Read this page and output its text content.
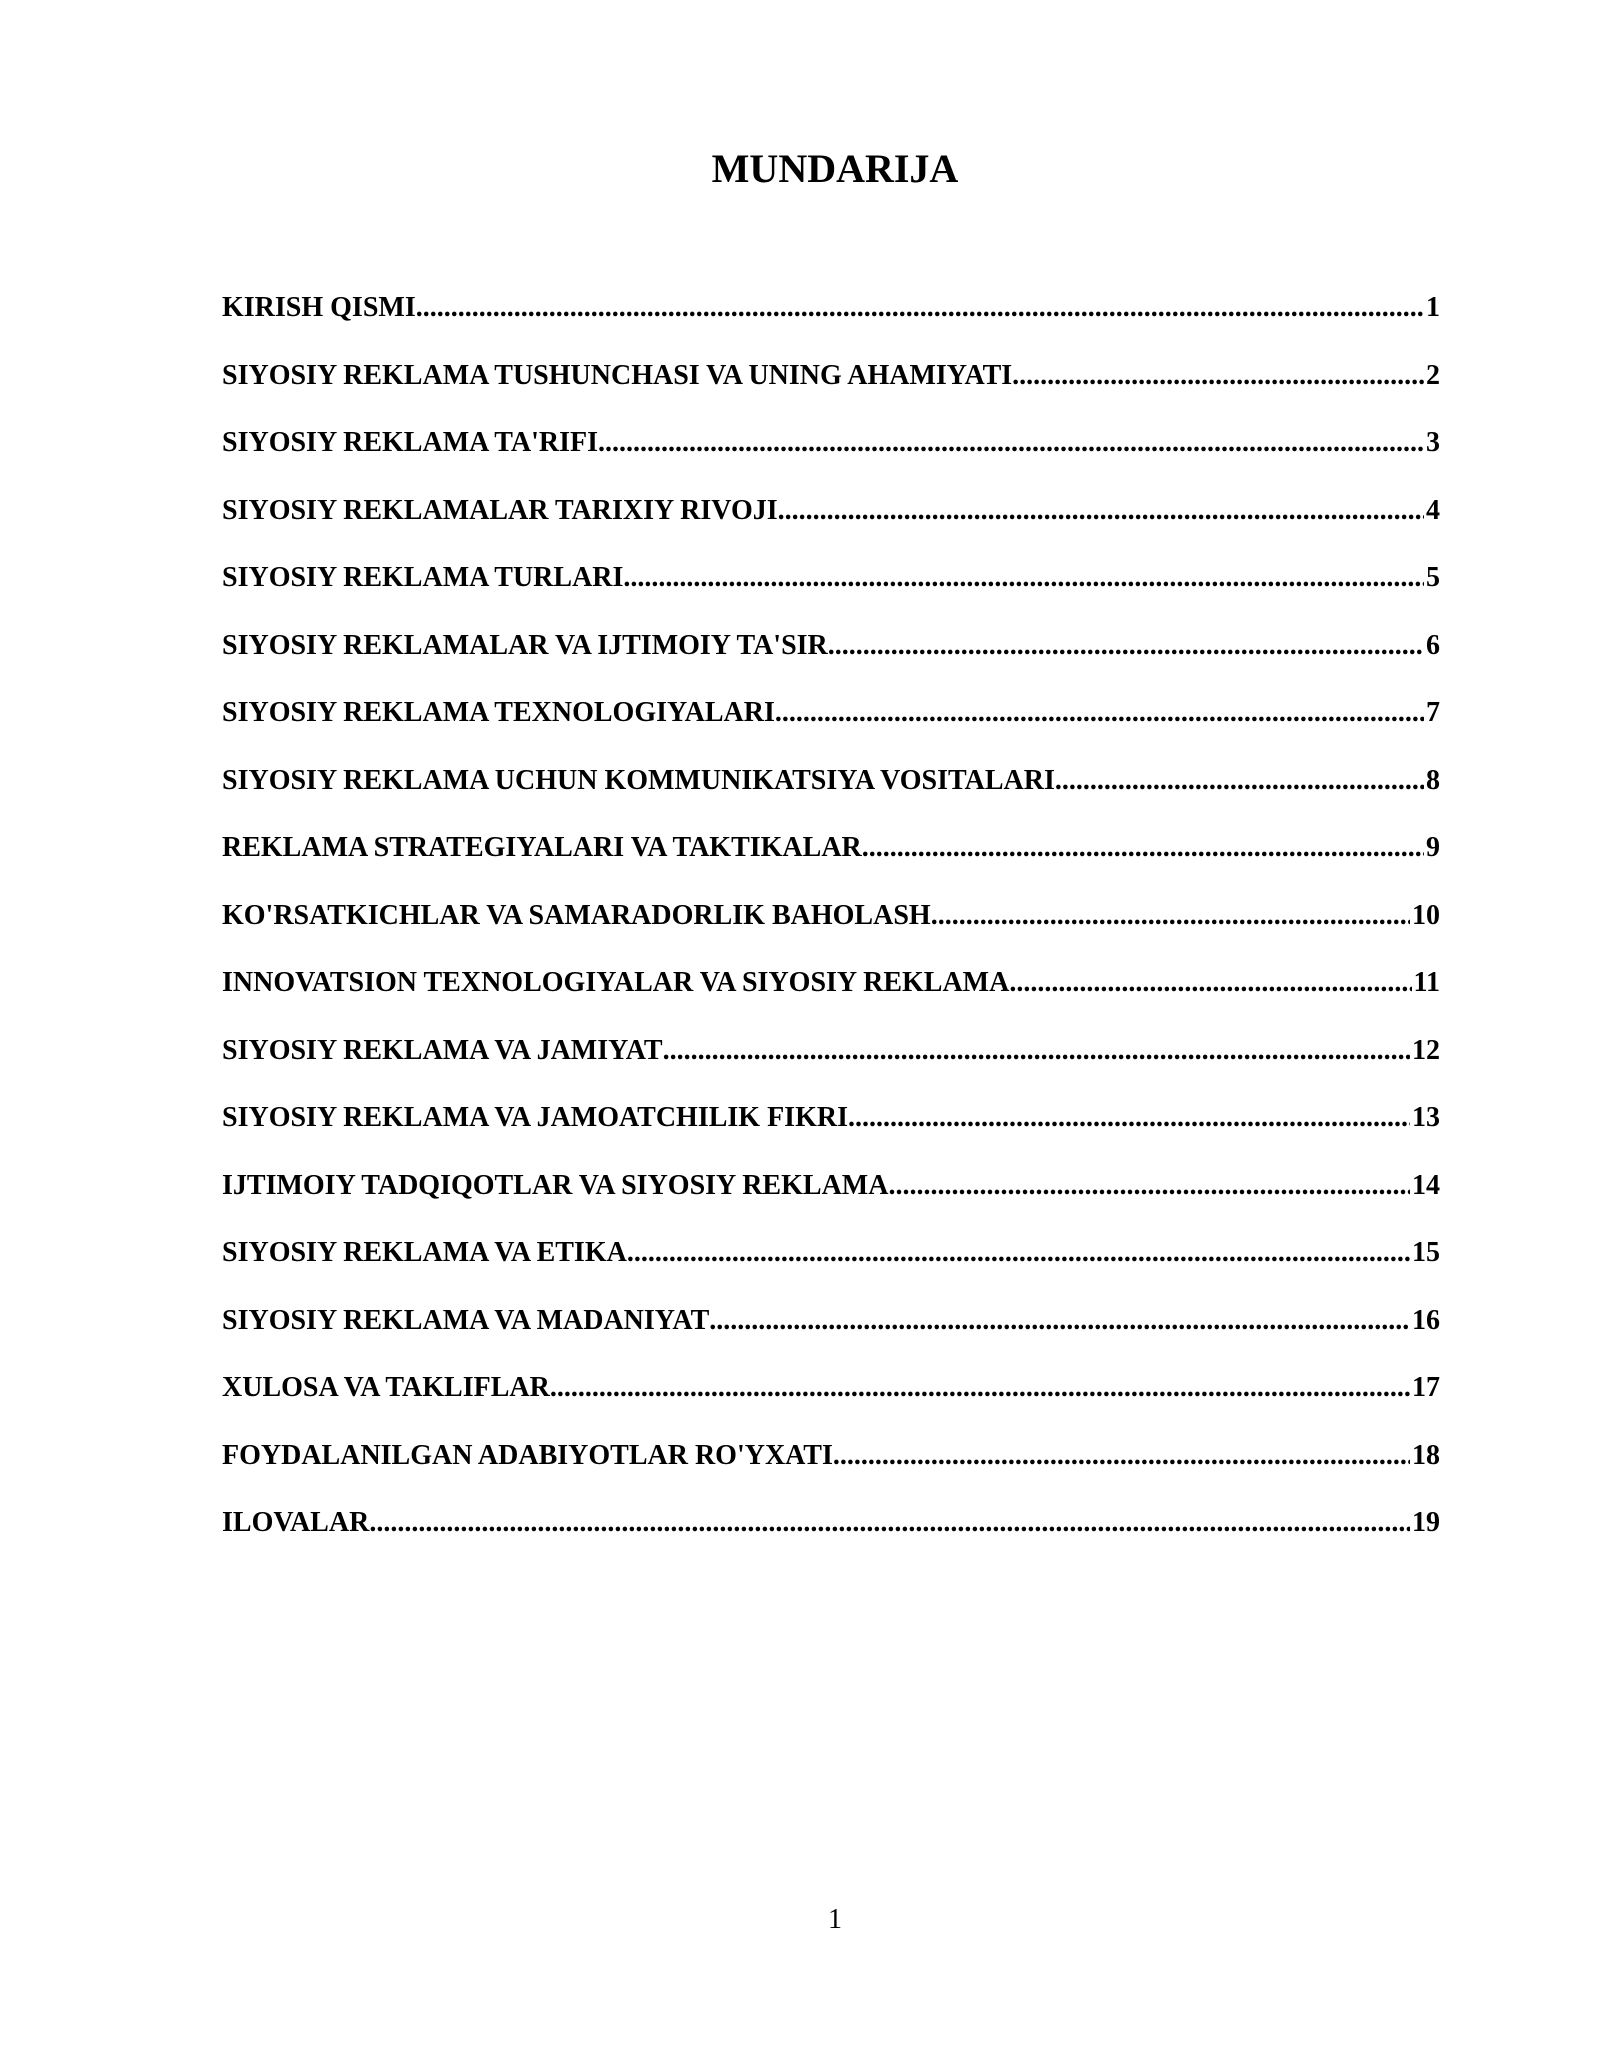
MUNDARIJA
KIRISH QISMI .....	1
SIYOSIY REKLAMA TUSHUNCHASI VA UNING AHAMIYATI .....	2
SIYOSIY REKLAMA TA'RIFI .....	3
SIYOSIY REKLAMALAR TARIXIY RIVOJI .....	4
SIYOSIY REKLAMA TURLARI .....	5
SIYOSIY REKLAMALAR VA IJTIMOIY TA'SIR .....	6
SIYOSIY REKLAMA TEXNOLOGIYALARI .....	7
SIYOSIY REKLAMA UCHUN KOMMUNIKATSIYA VOSITALARI .....	8
REKLAMA STRATEGIYALARI VA TAKTIKALAR .....	9
KO'RSATKICHLAR VA SAMARADORLIK BAHOLASH .....	10
INNOVATSION TEXNOLOGIYALAR VA SIYOSIY REKLAMA .....	11
SIYOSIY REKLAMA VA JAMIYAT .....	12
SIYOSIY REKLAMA VA JAMOATCHILIK FIKRI .....	13
IJTIMOIY TADQIQOTLAR VA SIYOSIY REKLAMA .....	14
SIYOSIY REKLAMA VA ETIKA .....	15
SIYOSIY REKLAMA VA MADANIYAT .....	16
XULOSA VA TAKLIFLAR .....	17
FOYDALANILGAN ADABIYOTLAR RO'YXATI .....	18
ILOVALAR .....	19
1
